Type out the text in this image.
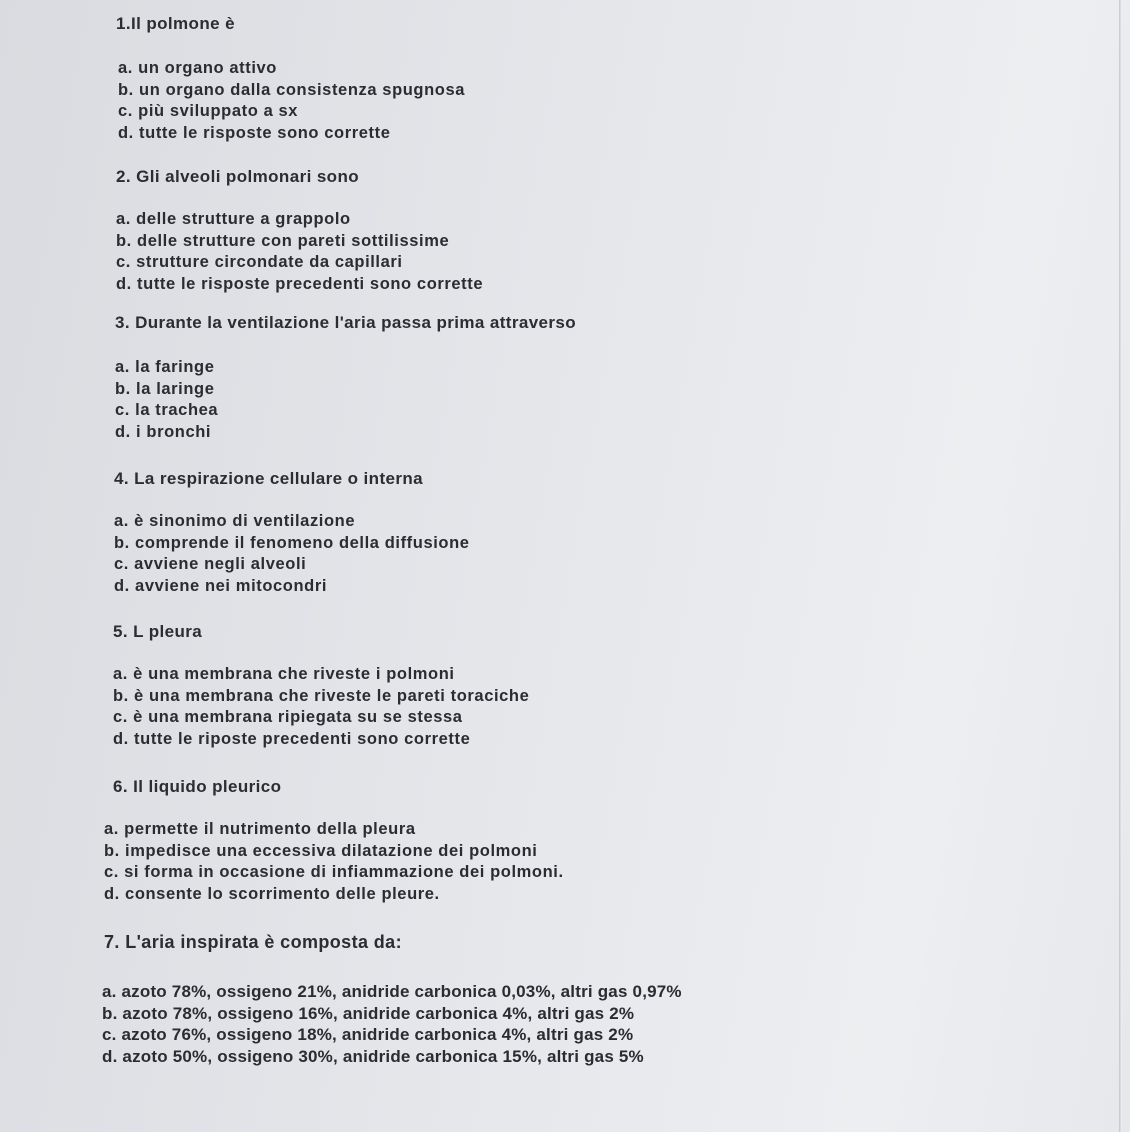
1.Il polmone è
a. un organo attivo
b. un organo dalla consistenza spugnosa
c. più sviluppato a sx
d. tutte le risposte sono corrette
2. Gli alveoli polmonari sono
a. delle strutture a grappolo
b. delle strutture con pareti sottilissime
c. strutture circondate da capillari
d. tutte le risposte precedenti sono corrette
3. Durante la ventilazione l'aria passa prima attraverso
a. la faringe
b. la laringe
c. la trachea
d. i bronchi
4. La respirazione cellulare o interna
a. è sinonimo di ventilazione
b. comprende il fenomeno della diffusione
c. avviene negli alveoli
d. avviene nei mitocondri
5. L pleura
a. è una membrana che riveste i polmoni
b. è una membrana che riveste le pareti toraciche
c. è una membrana ripiegata su se stessa
d. tutte le riposte precedenti sono corrette
6. Il liquido pleurico
a. permette il nutrimento della pleura
b. impedisce una eccessiva dilatazione dei polmoni
c. si forma in occasione di infiammazione dei polmoni.
d. consente lo scorrimento delle pleure.
7. L'aria inspirata è composta da:
a. azoto 78%, ossigeno 21%, anidride carbonica 0,03%, altri gas 0,97%
b. azoto 78%, ossigeno 16%, anidride carbonica 4%, altri gas 2%
c. azoto 76%, ossigeno 18%, anidride carbonica 4%, altri gas 2%
d. azoto 50%, ossigeno 30%, anidride carbonica 15%, altri gas 5%
